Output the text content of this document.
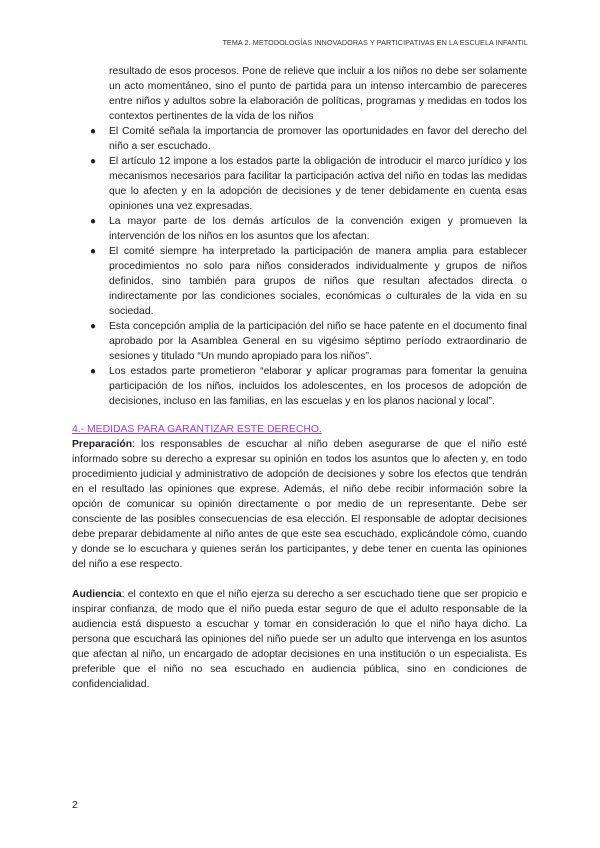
TEMA 2. METODOLOGÍAS INNOVADORAS Y PARTICIPATIVAS EN LA ESCUELA INFANTIL

resultado de esos procesos. Pone de relieve que incluir a los niños no debe ser solamente un acto momentáneo, sino el punto de partida para un intenso intercambio de pareceres entre niños y adultos sobre la elaboración de políticas, programas y medidas en todos los contextos pertinentes de la vida de los niños

● El Comité señala la importancia de promover las oportunidades en favor del derecho del niño a ser escuchado.
● El artículo 12 impone a los estados parte la obligación de introducir el marco jurídico y los mecanismos necesarios para facilitar la participación activa del niño en todas las medidas que lo afecten y en la adopción de decisiones y de tener debidamente en cuenta esas opiniones una vez expresadas.
● La mayor parte de los demás artículos de la convención exigen y promueven la intervención de los niños en los asuntos que los afectan.
● El comité siempre ha interpretado la participación de manera amplia para establecer procedimientos no solo para niños considerados individualmente y grupos de niños definidos, sino también para grupos de niños que resultan afectados directa o indirectamente por las condiciones sociales, económicas o culturales de la vida en su sociedad.
● Esta concepción amplia de la participación del niño se hace patente en el documento final aprobado por la Asamblea General en su vigésimo séptimo período extraordinario de sesiones y titulado “Un mundo apropiado para los niños”.
● Los estados parte prometieron “elaborar y aplicar programas para fomentar la genuina participación de los niños, incluidos los adolescentes, en los procesos de adopción de decisiones, incluso en las familias, en las escuelas y en los planos nacional y local”.
4.- MEDIDAS PARA GARANTIZAR ESTE DERECHO.

Preparación: los responsables de escuchar al niño deben asegurarse de que el niño esté informado sobre su derecho a expresar su opinión en todos los asuntos que lo afecten y, en todo procedimiento judicial y administrativo de adopción de decisiones y sobre los efectos que tendrán en el resultado las opiniones que exprese. Además, el niño debe recibir información sobre la opción de comunicar su opinión directamente o por medio de un representante. Debe ser consciente de las posibles consecuencias de esa elección. El responsable de adoptar decisiones debe preparar debidamente al niño antes de que este sea escuchado, explicándole cómo, cuando y donde se lo escuchara y quienes serán los participantes, y debe tener en cuenta las opiniones del niño a ese respecto.

Audiencia: el contexto en que el niño ejerza su derecho a ser escuchado tiene que ser propicio e inspirar confianza, de modo que el niño pueda estar seguro de que el adulto responsable de la audiencia está dispuesto a escuchar y tomar en consideración lo que el niño haya dicho. La persona que escuchará las opiniones del niño puede ser un adulto que intervenga en los asuntos que afectan al niño, un encargado de adoptar decisiones en una institución o un especialista. Es preferible que el niño no sea escuchado en audiencia pública, sino en condiciones de confidencialidad.

2
